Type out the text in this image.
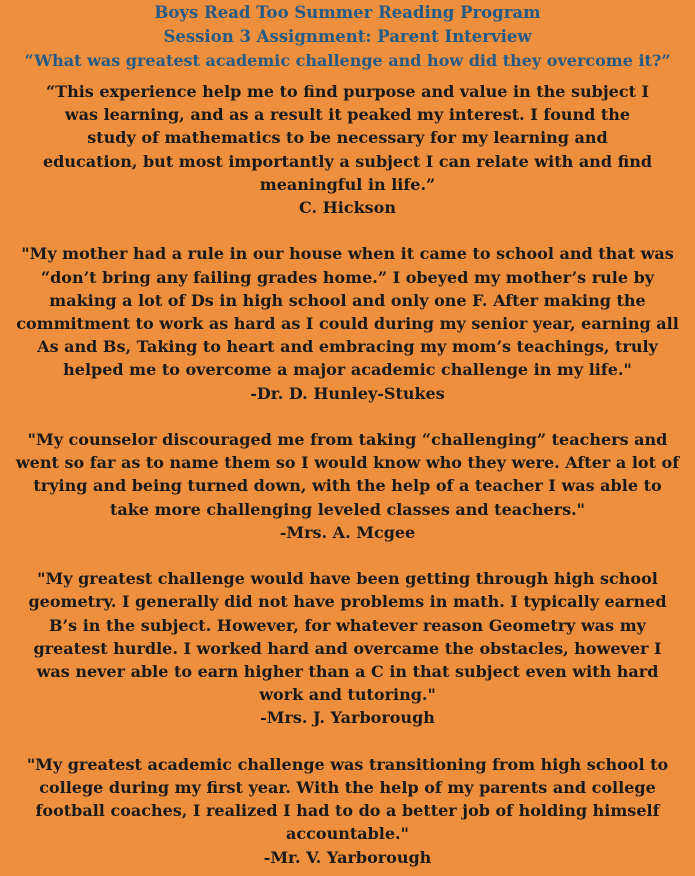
Boys Read Too Summer Reading Program
Session 3 Assignment: Parent Interview
“What was greatest academic challenge and how did they overcome it?”
“This experience help me to find purpose and value in the subject I was learning, and as a result it peaked my interest. I found the study of mathematics to be necessary for my learning and education, but most importantly a subject I can relate with and find meaningful in life.”
C. Hickson
"My mother had a rule in our house when it came to school and that was “don’t bring any failing grades home.” I obeyed my mother’s rule by making a lot of Ds in high school and only one F. After making the commitment to work as hard as I could during my senior year, earning all As and Bs, Taking to heart and embracing my mom’s teachings, truly helped me to overcome a major academic challenge in my life."
-Dr. D. Hunley-Stukes
"My counselor discouraged me from taking “challenging” teachers and went so far as to name them so I would know who they were. After a lot of trying and being turned down, with the help of a teacher I was able to take more challenging leveled classes and teachers."
-Mrs. A. Mcgee
"My greatest challenge would have been getting through high school geometry. I generally did not have problems in math. I typically earned B’s in the subject. However, for whatever reason Geometry was my greatest hurdle. I worked hard and overcame the obstacles, however I was never able to earn higher than a C in that subject even with hard work and tutoring."
-Mrs. J. Yarborough
"My greatest academic challenge was transitioning from high school to college during my first year. With the help of my parents and college football coaches, I realized I had to do a better job of holding himself accountable."
-Mr. V. Yarborough
